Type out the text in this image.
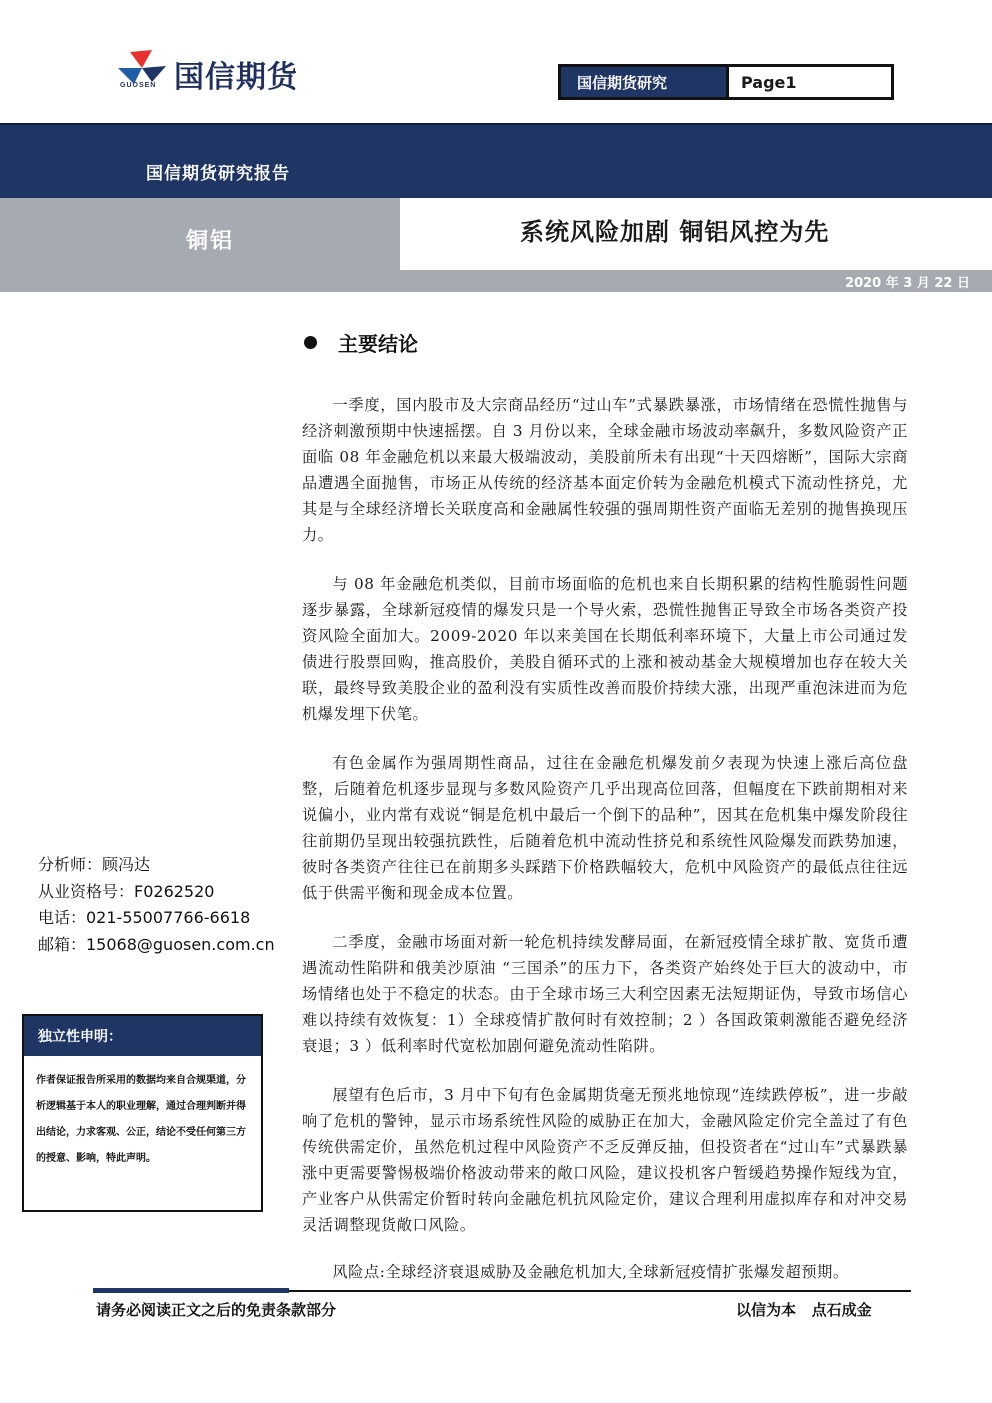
GUOSEN 国信期货	国信期货研究	Page1
国信期货研究报告
2020 年 3 月 22 日
铜铝	系统风险加剧 铜铝风控为先
主要结论

一季度，国内股市及大宗商品经历“过山车”式暴跌暴涨，市场情绪在恐慌性抛售与经济刺激预期中快速摇摆。自 3 月份以来，全球金融市场波动率飙升，多数风险资产正面临 08 年金融危机以来最大极端波动，美股前所未有出现“十天四熔断”，国际大宗商品遭遇全面抛售，市场正从传统的经济基本面定价转为金融危机模式下流动性挤兑，尤其是与全球经济增长关联度高和金融属性较强的强周期性资产面临无差别的抛售换现压力。

与 08 年金融危机类似，目前市场面临的危机也来自长期积累的结构性脆弱性问题逐步暴露，全球新冠疫情的爆发只是一个导火索，恐慌性抛售正导致全市场各类资产投资风险全面加大。2009-2020 年以来美国在长期低利率环境下，大量上市公司通过发债进行股票回购，推高股价，美股自循环式的上涨和被动基金大规模增加也存在较大关联，最终导致美股企业的盈利没有实质性改善而股价持续大涨，出现严重泡沫进而为危机爆发埋下伏笔。

有色金属作为强周期性商品，过往在金融危机爆发前夕表现为快速上涨后高位盘整，后随着危机逐步显现与多数风险资产几乎出现高位回落，但幅度在下跌前期相对来说偏小，业内常有戏说“铜是危机中最后一个倒下的品种”，因其在危机集中爆发阶段往往前期仍呈现出较强抗跌性，后随着危机中流动性挤兑和系统性风险爆发而跌势加速，彼时各类资产往往已在前期多头踩踏下价格跌幅较大，危机中风险资产的最低点往往远低于供需平衡和现金成本位置。

二季度，金融市场面对新一轮危机持续发酵局面，在新冠疫情全球扩散、宽货币遭遇流动性陷阱和俄美沙原油 “三国杀”的压力下，各类资产始终处于巨大的波动中，市场情绪也处于不稳定的状态。由于全球市场三大利空因素无法短期证伪，导致市场信心难以持续有效恢复：1）全球疫情扩散何时有效控制；2 ）各国政策刺激能否避免经济衰退；3 ）低利率时代宽松加剧何避免流动性陷阱。

展望有色后市，3 月中下旬有色金属期货毫无预兆地惊现“连续跌停板”，进一步敲响了危机的警钟，显示市场系统性风险的威胁正在加大，金融风险定价完全盖过了有色传统供需定价，虽然危机过程中风险资产不乏反弹反抽，但投资者在“过山车”式暴跌暴涨中更需要警惕极端价格波动带来的敞口风险，建议投机客户暂缓趋势操作短线为宜，产业客户从供需定价暂时转向金融危机抗风险定价，建议合理利用虚拟库存和对冲交易灵活调整现货敞口风险。

风险点:全球经济衰退威胁及金融危机加大,全球新冠疫情扩张爆发超预期。

分析师：顾冯达
从业资格号：F0262520
电话：021-55007766-6618
邮箱：15068@guosen.com.cn
独立性申明：
作者保证报告所采用的数据均来自合规渠道，分析逻辑基于本人的职业理解，通过合理判断并得出结论，力求客观、公正，结论不受任何第三方的授意、影响，特此声明。
请务必阅读正文之后的免责条款部分	以信为本   点石成金
